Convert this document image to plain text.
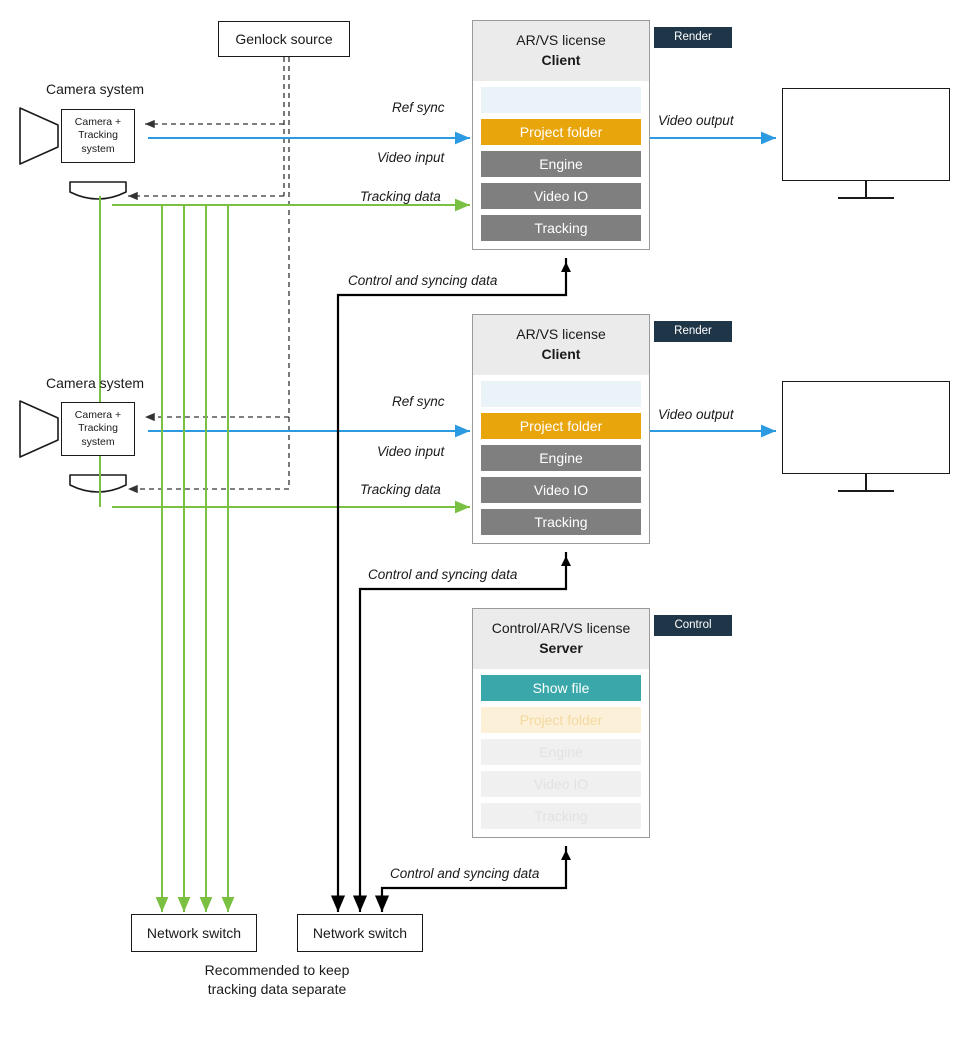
Genlock source
Camera system
Camera +
Tracking
system
Camera system
Camera +
Tracking
system
AR/VS license
Client
Project folder
Engine
Video IO
Tracking
Render
AR/VS license
Client
Project folder
Engine
Video IO
Tracking
Render
Control/AR/VS license
Server
Show file
Project folder
Engine
Video IO
Tracking
Control
Network switch	Network switch
Ref sync
Video input
Tracking data
Video output
Control and syncing data
Ref sync
Video input
Tracking data
Video output
Control and syncing data
Control and syncing data
Recommended to keep
tracking data separate
